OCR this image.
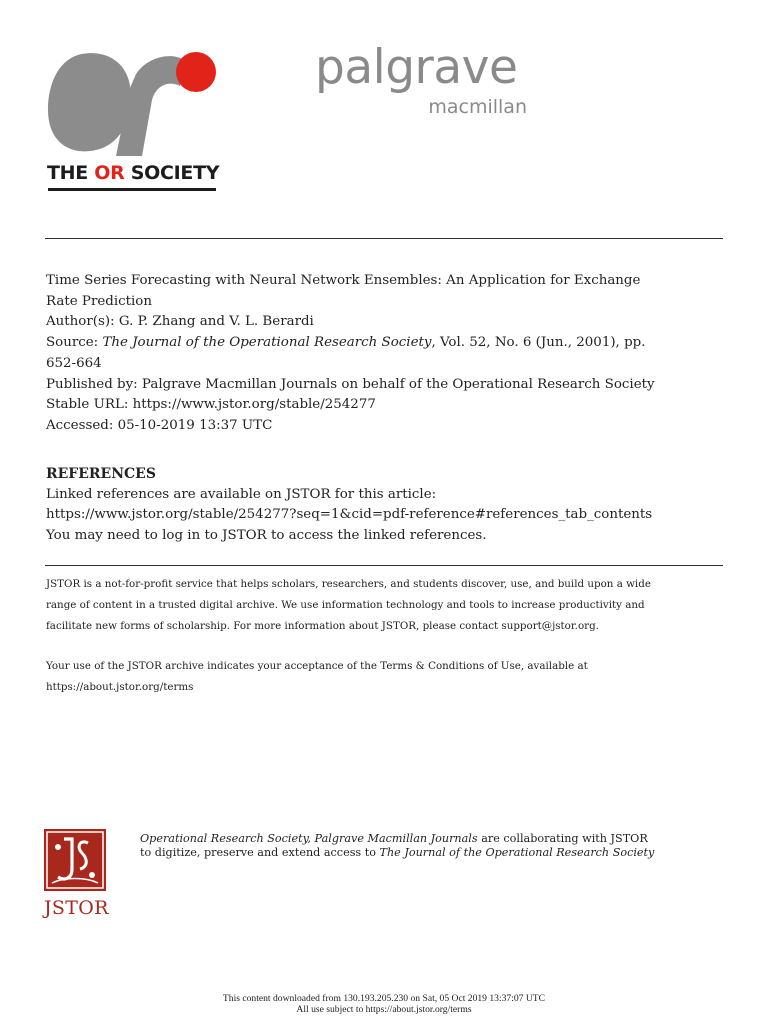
THE OR SOCIETY
palgrave
macmillan
Time Series Forecasting with Neural Network Ensembles: An Application for Exchange
Rate Prediction
Author(s): G. P. Zhang and V. L. Berardi
Source: The Journal of the Operational Research Society, Vol. 52, No. 6 (Jun., 2001), pp.
652-664
Published by: Palgrave Macmillan Journals on behalf of the Operational Research Society
Stable URL: https://www.jstor.org/stable/254277
Accessed: 05-10-2019 13:37 UTC
REFERENCES
Linked references are available on JSTOR for this article:
https://www.jstor.org/stable/254277?seq=1&cid=pdf-reference#references_tab_contents
You may need to log in to JSTOR to access the linked references.
JSTOR is a not-for-profit service that helps scholars, researchers, and students discover, use, and build upon a wide
range of content in a trusted digital archive. We use information technology and tools to increase productivity and
facilitate new forms of scholarship. For more information about JSTOR, please contact support@jstor.org.
Your use of the JSTOR archive indicates your acceptance of the Terms & Conditions of Use, available at
https://about.jstor.org/terms
JSTOR
Operational Research Society, Palgrave Macmillan Journals are collaborating with JSTOR
to digitize, preserve and extend access to The Journal of the Operational Research Society
This content downloaded from 130.193.205.230 on Sat, 05 Oct 2019 13:37:07 UTC
All use subject to https://about.jstor.org/terms
